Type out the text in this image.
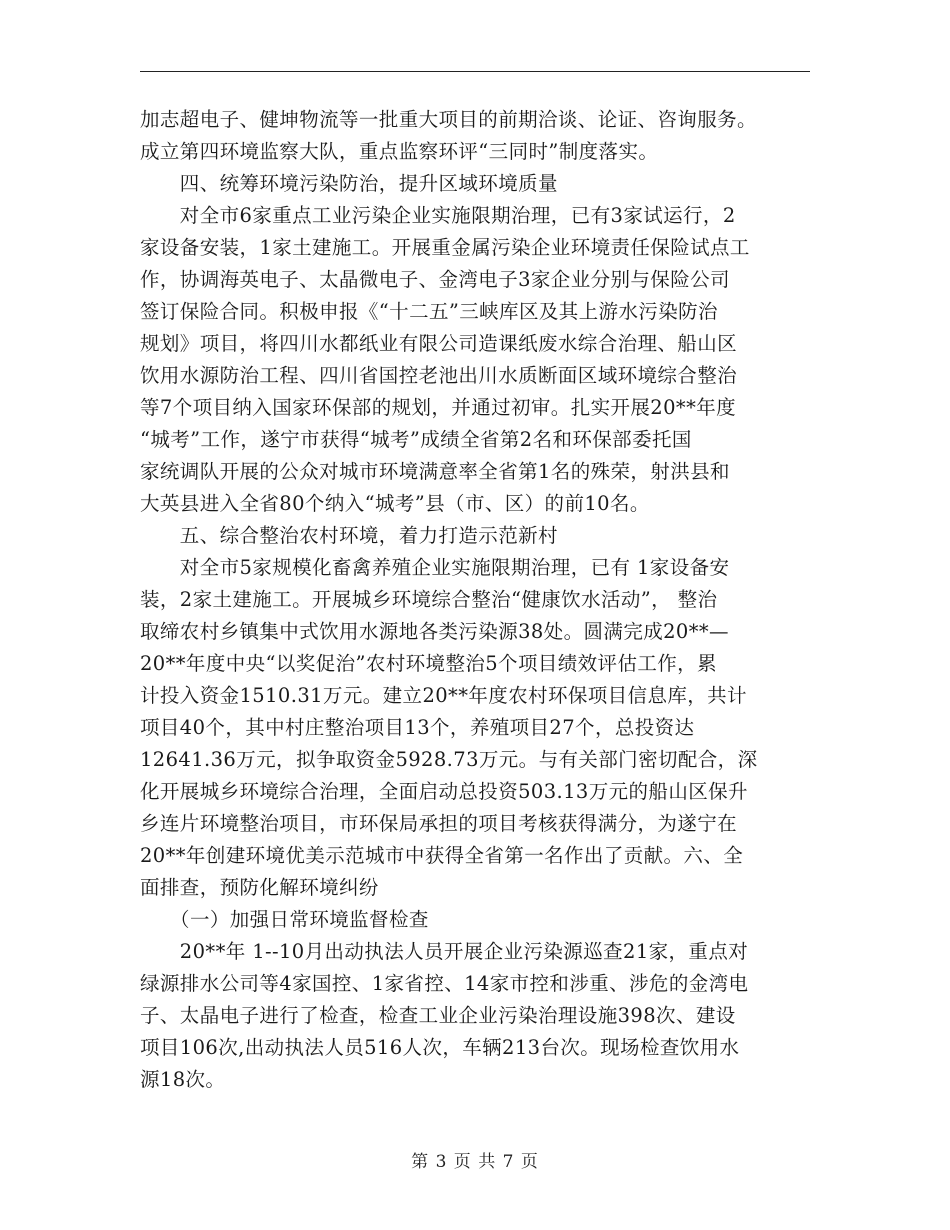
加志超电子、健坤物流等一批重大项目的前期洽谈、论证、咨询服务。
成立第四环境监察大队，重点监察环评“三同时”制度落实。
　　四、统筹环境污染防治，提升区域环境质量
　　对全市6家重点工业污染企业实施限期治理，已有3家试运行，2
家设备安装，1家土建施工。开展重金属污染企业环境责任保险试点工
作，协调海英电子、太晶微电子、金湾电子3家企业分别与保险公司
签订保险合同。积极申报《“十二五”三峡库区及其上游水污染防治
规划》项目，将四川水都纸业有限公司造课纸废水综合治理、船山区
饮用水源防治工程、四川省国控老池出川水质断面区域环境综合整治
等7个项目纳入国家环保部的规划，并通过初审。扎实开展20**年度
“城考”工作，遂宁市获得“城考”成绩全省第2名和环保部委托国
家统调队开展的公众对城市环境满意率全省第1名的殊荣，射洪县和
大英县进入全省80个纳入“城考”县（市、区）的前10名。
　　五、综合整治农村环境，着力打造示范新村
　　对全市5家规模化畜禽养殖企业实施限期治理，已有 1家设备安
装，2家土建施工。开展城乡环境综合整治“健康饮水活动”， 整治
取缔农村乡镇集中式饮用水源地各类污染源38处。圆满完成20**—
20**年度中央“以奖促治”农村环境整治5个项目绩效评估工作，累
计投入资金1510.31万元。建立20**年度农村环保项目信息库，共计
项目40个，其中村庄整治项目13个，养殖项目27个，总投资达
12641.36万元，拟争取资金5928.73万元。与有关部门密切配合，深
化开展城乡环境综合治理，全面启动总投资503.13万元的船山区保升
乡连片环境整治项目，市环保局承担的项目考核获得满分，为遂宁在
20**年创建环境优美示范城市中获得全省第一名作出了贡献。六、全
面排查，预防化解环境纠纷
　　（一）加强日常环境监督检查
　　20**年 1--10月出动执法人员开展企业污染源巡查21家，重点对
绿源排水公司等4家国控、1家省控、14家市控和涉重、涉危的金湾电
子、太晶电子进行了检查，检查工业企业污染治理设施398次、建设
项目106次,出动执法人员516人次，车辆213台次。现场检查饮用水
源18次。
第 3 页 共 7 页
